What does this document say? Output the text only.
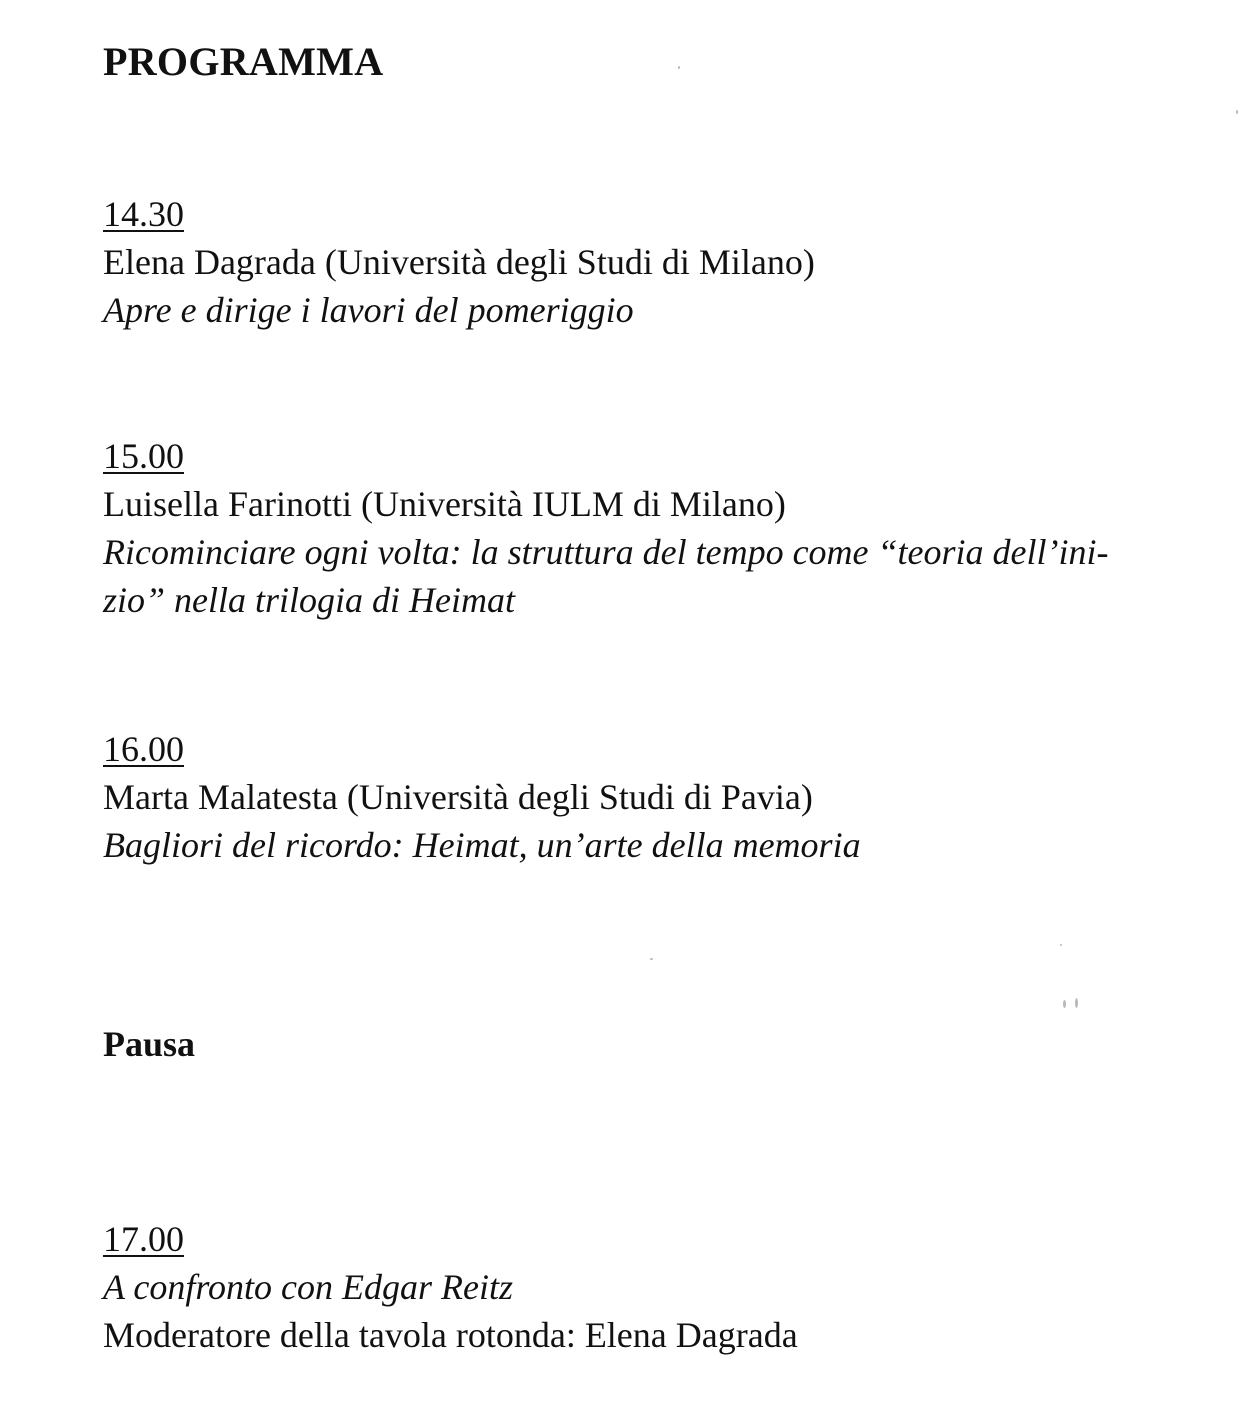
PROGRAMMA
14.30
Elena Dagrada (Università degli Studi di Milano)
Apre e dirige i lavori del pomeriggio
15.00
Luisella Farinotti (Università IULM di Milano)
Ricominciare ogni volta: la struttura del tempo come “teoria dell’ini-
zio” nella trilogia di Heimat
16.00
Marta Malatesta (Università degli Studi di Pavia)
Bagliori del ricordo: Heimat, un’arte della memoria
Pausa
17.00
A confronto con Edgar Reitz
Moderatore della tavola rotonda: Elena Dagrada
